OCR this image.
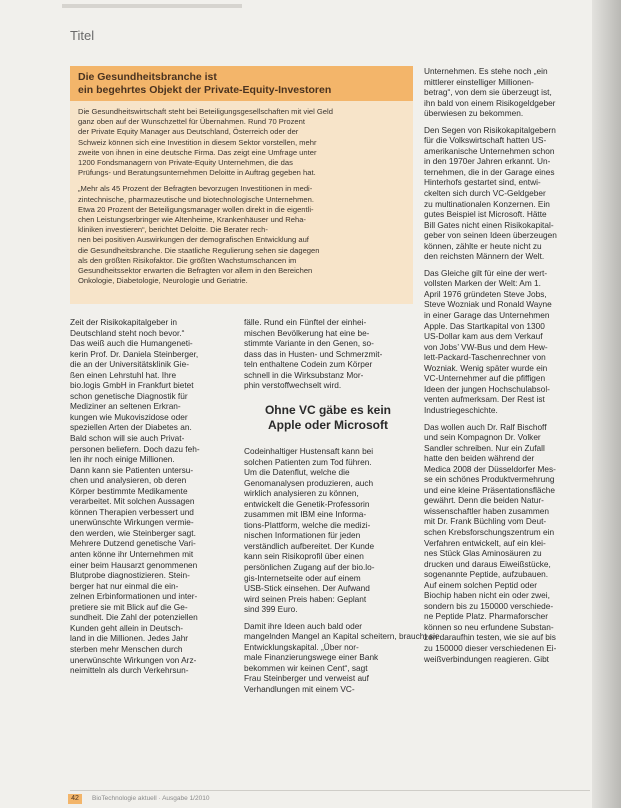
Titel
Die Gesundheitsbranche ist
ein begehrtes Objekt der Private-Equity-Investoren

Die Gesundheitswirtschaft steht bei Beteiligungsgesellschaften mit viel Geld
ganz oben auf der Wunschzettel für Übernahmen. Rund 70 Prozent
der Private Equity Manager aus Deutschland, Österreich oder der
Schweiz können sich eine Investition in diesem Sektor vorstellen, mehr
zweite von ihnen in eine deutsche Firma. Das zeigt eine Umfrage unter
1200 Fondsmanagern von Private-Equity Unternehmen, die das
Prüfungs- und Beratungsunternehmen Deloitte in Auftrag gegeben hat.

„Mehr als 45 Prozent der Befragten bevorzugen Investitionen in medi-
zintechnische, pharmazeutische und biotechnologische Unternehmen.
Etwa 20 Prozent der Beteiligungsmanager wollen direkt in die eigentli-
chen Leistungserbringer wie Altenheime, Krankenhäuser und Reha-
kliniken investieren“, berichtet Deloitte. Die Berater rech-
nen bei positiven Auswirkungen der demografischen Entwicklung auf
die Gesundheitsbranche. Die staatliche Regulierung sehen sie dagegen
als den größten Risikofaktor. Die größten Wachstumschancen im
Gesundheitssektor erwarten die Befragten vor allem in den Bereichen
Onkologie, Diabetologie, Neurologie und Geriatrie.

Zeit der Risikokapitalgeber in
Deutschland steht noch bevor.“
Das weiß auch die Humangeneti-
kerin Prof. Dr. Daniela Steinberger,
die an der Universitätsklinik Gie-
ßen einen Lehrstuhl hat. Ihre
bio.logis GmbH in Frankfurt bietet
schon genetische Diagnostik für
Mediziner an seltenen Erkran-
kungen wie Mukoviszidose oder
speziellen Arten der Diabetes an.
Bald schon will sie auch Privat-
personen beliefern. Doch dazu feh-
len ihr noch einige Millionen.
Dann kann sie Patienten untersu-
chen und analysieren, ob deren
Körper bestimmte Medikamente
verarbeitet. Mit solchen Aussagen
können Therapien verbessert und
unerwünschte Wirkungen vermie-
den werden, wie Steinberger sagt.
Mehrere Dutzend genetische Vari-
anten könne ihr Unternehmen mit
einer beim Hausarzt genommenen
Blutprobe diagnostizieren. Stein-
berger hat nur einmal die ein-
zelnen Erbinformationen und inter-
pretiere sie mit Blick auf die Ge-
sundheit. Die Zahl der potenziellen
Kunden geht allein in Deutsch-
land in die Millionen. Jedes Jahr
sterben mehr Menschen durch
unerwünschte Wirkungen von Arz-
neimitteln als durch Verkehrsun-
fälle. Rund ein Fünftel der einhei-
mischen Bevölkerung hat eine be-
stimmte Variante in den Genen, so-
dass das in Husten- und Schmerzmit-
teln enthaltene Codein zum Körper
schnell in die Wirksubstanz Mor-
phin verstoffwechselt wird.
Ohne VC gäbe es kein
Apple oder Microsoft

Codeinhaltiger Hustensaft kann bei
solchen Patienten zum Tod führen.
Um die Datenflut, welche die
Genomanalysen produzieren, auch
wirklich analysieren zu können,
entwickelt die Genetik-Professorin
zusammen mit IBM eine Informa-
tions-Plattform, welche die medizi-
nischen Informationen für jeden
verständlich aufbereitet. Der Kunde
kann sein Risikoprofil über einen
persönlichen Zugang auf der bio.lo-
gis-Internetseite oder auf einem
USB-Stick einsehen. Der Aufwand
wird seinen Preis haben: Geplant
sind 399 Euro.

Damit ihre Ideen auch bald oder
mangelnden Mangel an Kapital scheitern, braucht sie
Entwicklungskapital. „Über nor-
male Finanzierungswege einer Bank
bekommen wir keinen Cent“, sagt
Frau Steinberger und verweist auf
Verhandlungen mit einem VC-

Unternehmen. Es stehe noch „ein
mittlerer einstelliger Millionen-
betrag“, von dem sie überzeugt ist,
ihn bald von einem Risikogeldgeber
überwiesen zu bekommen.

Den Segen von Risikokapitalgebern
für die Volkswirtschaft hatten US-
amerikanische Unternehmen schon
in den 1970er Jahren erkannt. Un-
ternehmen, die in der Garage eines
Hinterhofs gestartet sind, entwi-
ckelten sich durch VC-Geldgeber
zu multinationalen Konzernen. Ein
gutes Beispiel ist Microsoft. Hätte
Bill Gates nicht einen Risikokapital-
geber von seinen Ideen überzeugen
können, zählte er heute nicht zu
den reichsten Männern der Welt.

Das Gleiche gilt für eine der wert-
vollsten Marken der Welt: Am 1.
April 1976 gründeten Steve Jobs,
Steve Wozniak und Ronald Wayne
in einer Garage das Unternehmen
Apple. Das Startkapital von 1300
US-Dollar kam aus dem Verkauf
von Jobs’ VW-Bus und dem Hew-
lett-Packard-Taschenrechner von
Wozniak. Wenig später wurde ein
VC-Unternehmer auf die pfiffigen
Ideen der jungen Hochschulabsol-
venten aufmerksam. Der Rest ist
Industriegeschichte.

Das wollen auch Dr. Ralf Bischoff
und sein Kompagnon Dr. Volker
Sandler schreiben. Nur ein Zufall
hatte den beiden während der
Medica 2008 der Düsseldorfer Mes-
se ein schönes Produktvermehrung
und eine kleine Präsentationsfläche
gewährt. Denn die beiden Natur-
wissenschaftler haben zusammen
mit Dr. Frank Büchling vom Deut-
schen Krebsforschungszentrum ein
Verfahren entwickelt, auf ein klei-
nes Stück Glas Aminosäuren zu
drucken und daraus Eiweißstücke,
sogenannte Peptide, aufzubauen.
Auf einem solchen Peptid oder
Biochip haben nicht ein oder zwei,
sondern bis zu 150000 verschiede-
ne Peptide Platz. Pharmaforscher
können so neu erfundene Substan-
zen daraufhin testen, wie sie auf bis
zu 150000 dieser verschiedenen Ei-
weißverbindungen reagieren. Gibt

42	BioTechnologie aktuell · Ausgabe 1/2010
